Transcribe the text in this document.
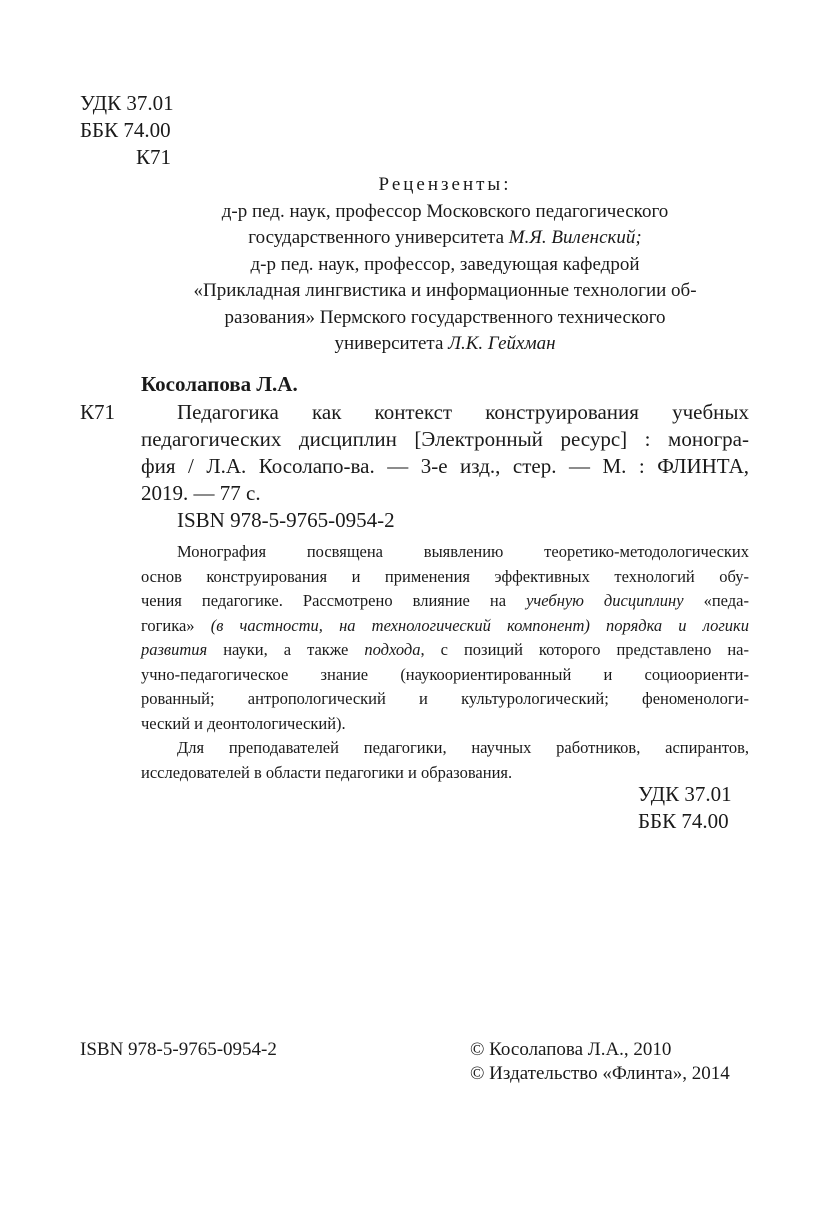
УДК 37.01
ББК 74.00
К71
Рецензенты:
д-р пед. наук, профессор Московского педагогического
государственного университета М.Я. Виленский;
д-р пед. наук, профессор, заведующая кафедрой
«Прикладная лингвистика и информационные технологии об-
разования» Пермского государственного технического
университета Л.К. Гейхман
Косолапова Л.А.
К71	Педагогика как контекст конструирования учебных
педагогических дисциплин [Электронный ресурс] : моногра-
фия / Л.А. Косолапо-ва. — 3-е изд., стер. — М. : ФЛИНТА,
2019. — 77 с.
ISBN 978-5-9765-0954-2
Монография посвящена выявлению теоретико-методологических
основ конструирования и применения эффективных технологий обу-
чения педагогике. Рассмотрено влияние на учебную дисциплину «педа-
гогика» (в частности, на технологический компонент) порядка и логики
развития науки, а также подхода, с позиций которого представлено на-
учно-педагогическое знание (наукоориентированный и социоориенти-
рованный; антропологический и культурологический; феноменологи-
ческий и деонтологический).
Для преподавателей педагогики, научных работников, аспирантов,
исследователей в области педагогики и образования.
УДК 37.01
ББК 74.00
ISBN 978-5-9765-0954-2	© Косолапова Л.А., 2010
© Издательство «Флинта», 2014
